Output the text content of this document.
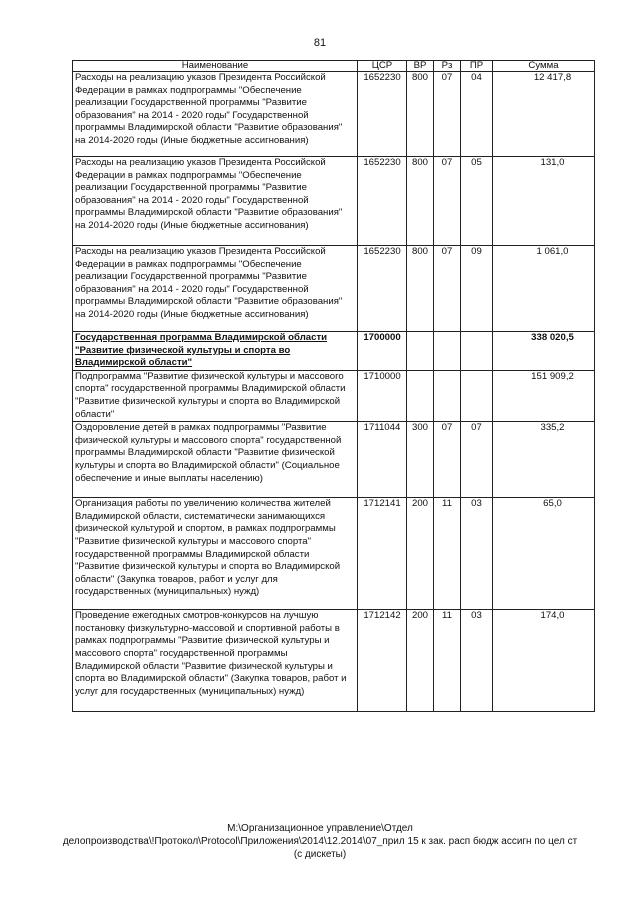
81
Наименование	ЦСР	ВР	Рз	ПР	Сумма
Расходы на реализацию указов Президента Российской Федерации в рамках подпрограммы "Обеспечение реализации Государственной программы "Развитие образования" на 2014 - 2020 годы" Государственной программы Владимирской области "Развитие образования" на 2014-2020 годы (Иные бюджетные ассигнования)	1652230	800	07	04	12 417,8
Расходы на реализацию указов Президента Российской Федерации в рамках подпрограммы "Обеспечение реализации Государственной программы "Развитие образования" на 2014 - 2020 годы" Государственной программы Владимирской области "Развитие образования" на 2014-2020 годы (Иные бюджетные ассигнования)	1652230	800	07	05	131,0
Расходы на реализацию указов Президента Российской Федерации в рамках подпрограммы "Обеспечение реализации Государственной программы "Развитие образования" на 2014 - 2020 годы" Государственной программы Владимирской области "Развитие образования" на 2014-2020 годы (Иные бюджетные ассигнования)	1652230	800	07	09	1 061,0
Государственная программа Владимирской области "Развитие физической культуры и спорта во Владимирской области"	1700000				338 020,5
Подпрограмма "Развитие физической культуры и массового спорта" государственной программы Владимирской области "Развитие физической культуры и спорта во Владимирской области"	1710000				151 909,2
Оздоровление детей в рамках подпрограммы "Развитие физической культуры и массового спорта" государственной программы Владимирской области "Развитие физической культуры и спорта во Владимирской области" (Социальное обеспечение и иные выплаты населению)	1711044	300	07	07	335,2
Организация работы по увеличению количества жителей Владимирской области, систематически занимающихся физической культурой и спортом, в рамках подпрограммы "Развитие физической культуры и массового спорта" государственной программы Владимирской области "Развитие физической культуры и спорта во Владимирской области" (Закупка товаров, работ и услуг для государственных (муниципальных) нужд)	1712141	200	11	03	65,0
Проведение ежегодных смотров-конкурсов на лучшую постановку физкультурно-массовой и спортивной работы в рамках подпрограммы "Развитие физической культуры и массового спорта" государственной программы Владимирской области "Развитие физической культуры и спорта во Владимирской области" (Закупка товаров, работ и услуг для государственных (муниципальных) нужд)	1712142	200	11	03	174,0
M:\Организационное управление\Отдел
делопроизводства\!Протокол\Protocol\Приложения\2014\12.2014\07_прил 15 к зак. расп бюдж ассигн по цел ст
(с дискеты)
